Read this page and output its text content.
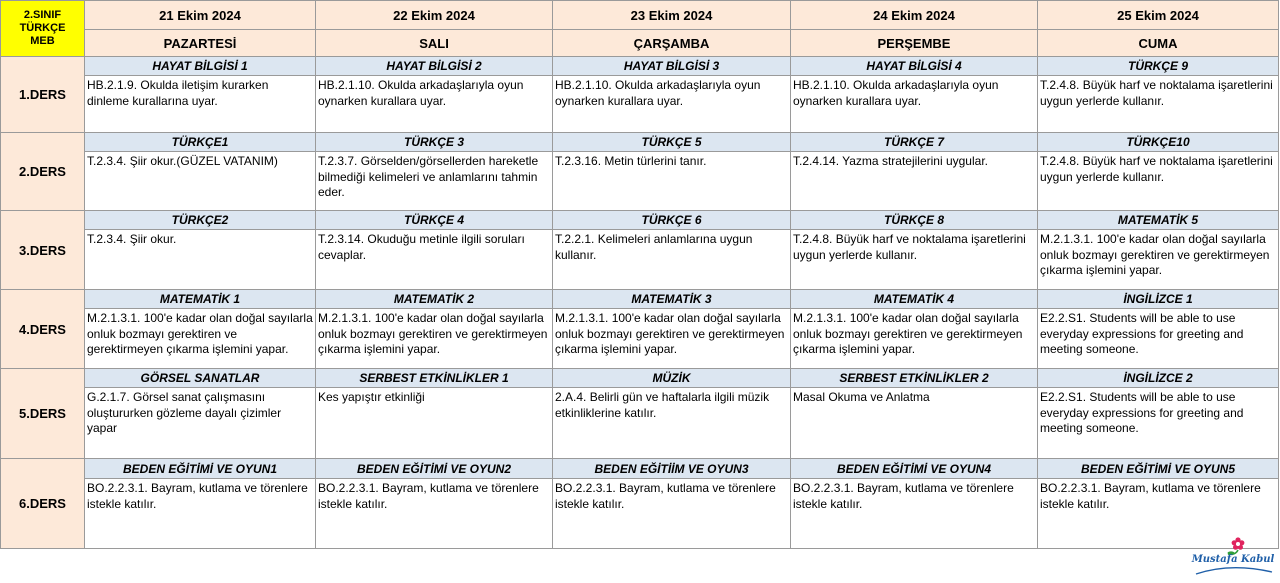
2.SINIF
TÜRKÇE
MEB	21 Ekim 2024	22 Ekim 2024	23 Ekim 2024	24 Ekim 2024	25 Ekim 2024
	PAZARTESİ	SALI	ÇARŞAMBA	PERŞEMBE	CUMA
1.DERS	HAYAT BİLGİSİ 1	HAYAT BİLGİSİ 2	HAYAT BİLGİSİ 3	HAYAT BİLGİSİ 4	TÜRKÇE 9

	HB.2.1.9. Okulda iletişim kurarken dinleme kurallarına uyar.	HB.2.1.10. Okulda arkadaşlarıyla oyun oynarken kurallara uyar.	HB.2.1.10. Okulda arkadaşlarıyla oyun oynarken kurallara uyar.	HB.2.1.10. Okulda arkadaşlarıyla oyun oynarken kurallara uyar.	T.2.4.8. Büyük harf ve noktalama işaretlerini uygun yerlerde kullanır.

2.DERS	TÜRKÇE1	TÜRKÇE 3	TÜRKÇE 5	TÜRKÇE 7	TÜRKÇE10

	T.2.3.4. Şiir okur.(GÜZEL VATANIM)	T.2.3.7. Görselden/görsellerden hareketle bilmediği kelimeleri ve anlamlarını tahmin eder.	T.2.3.16. Metin türlerini tanır.	T.2.4.14. Yazma stratejilerini uygular.	T.2.4.8. Büyük harf ve noktalama işaretlerini uygun yerlerde kullanır.

3.DERS	TÜRKÇE2	TÜRKÇE 4	TÜRKÇE 6	TÜRKÇE 8	MATEMATİK 5

	T.2.3.4. Şiir okur.	T.2.3.14. Okuduğu metinle ilgili soruları cevaplar.	T.2.2.1. Kelimeleri anlamlarına uygun kullanır.	T.2.4.8. Büyük harf ve noktalama işaretlerini uygun yerlerde kullanır.	M.2.1.3.1. 100'e kadar olan doğal sayılarla onluk bozmayı gerektiren ve gerektirmeyen çıkarma işlemini yapar.

4.DERS	MATEMATİK 1	MATEMATİK 2	MATEMATİK 3	MATEMATİK 4	İNGİLİZCE 1

	M.2.1.3.1. 100'e kadar olan doğal sayılarla onluk bozmayı gerektiren ve gerektirmeyen çıkarma işlemini yapar.	M.2.1.3.1. 100'e kadar olan doğal sayılarla onluk bozmayı gerektiren ve gerektirmeyen çıkarma işlemini yapar.	M.2.1.3.1. 100'e kadar olan doğal sayılarla onluk bozmayı gerektiren ve gerektirmeyen çıkarma işlemini yapar.	M.2.1.3.1. 100'e kadar olan doğal sayılarla onluk bozmayı gerektiren ve gerektirmeyen çıkarma işlemini yapar.	E2.2.S1. Students will be able to use everyday expressions for greeting and meeting someone.

5.DERS	GÖRSEL SANATLAR	SERBEST ETKİNLİKLER 1	MÜZİK	SERBEST ETKİNLİKLER 2	İNGİLİZCE 2

	G.2.1.7. Görsel sanat çalışmasını oluştururken gözleme dayalı çizimler yapar	Kes yapıştır etkinliği	2.A.4. Belirli gün ve haftalarla ilgili müzik etkinliklerine katılır.	Masal Okuma ve Anlatma	E2.2.S1. Students will be able to use everyday expressions for greeting and meeting someone.

6.DERS	BEDEN EĞİTİMİ VE OYUN1	BEDEN EĞİTİMİ VE OYUN2	BEDEN EĞİTİİM VE OYUN3	BEDEN EĞİTİMİ VE OYUN4	BEDEN EĞİTİMİ VE OYUN5

	BO.2.2.3.1. Bayram, kutlama ve törenlere istekle katılır.	BO.2.2.3.1. Bayram, kutlama ve törenlere istekle katılır.	BO.2.2.3.1. Bayram, kutlama ve törenlere istekle katılır.	BO.2.2.3.1. Bayram, kutlama ve törenlere istekle katılır.	BO.2.2.3.1. Bayram, kutlama ve törenlere istekle katılır.
Mustafa Kabul
